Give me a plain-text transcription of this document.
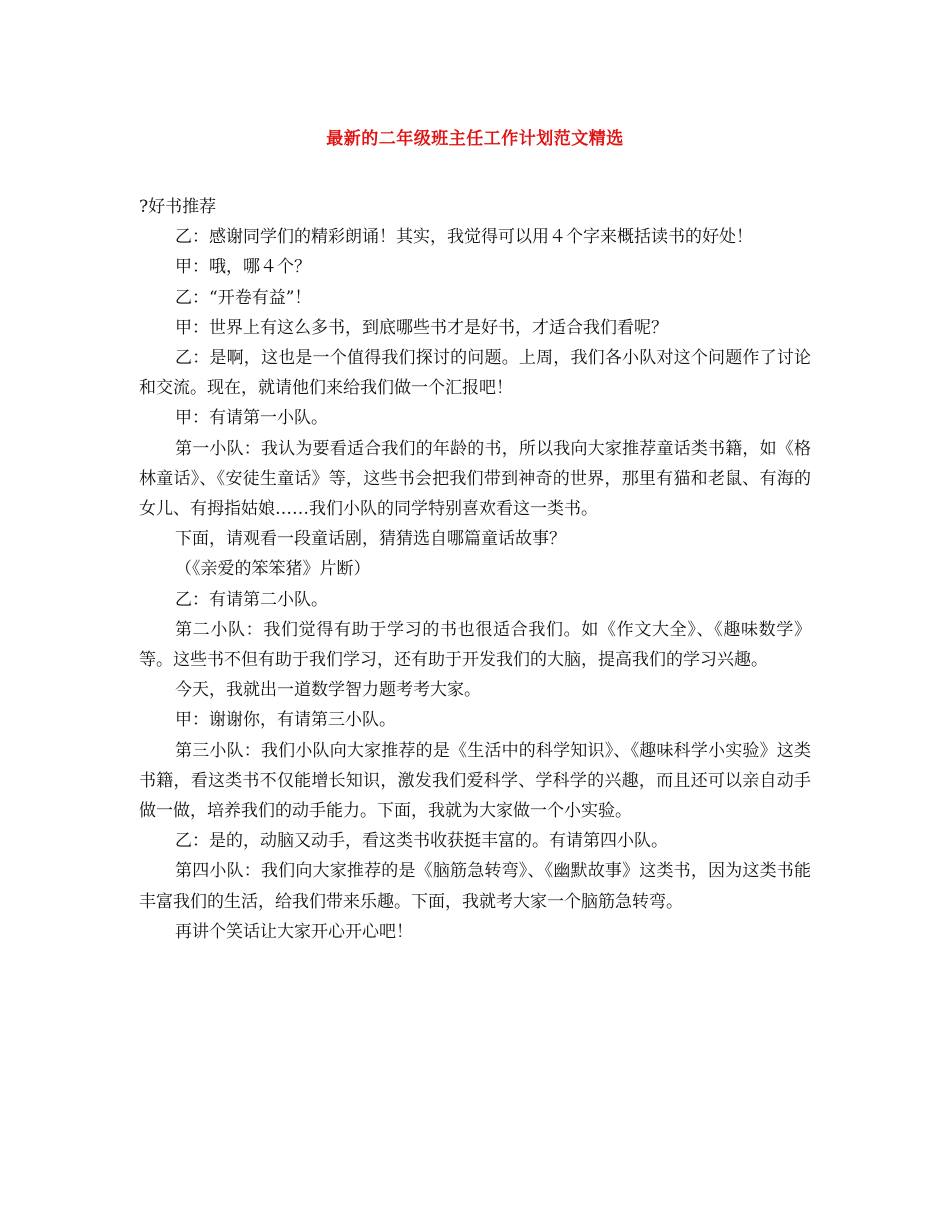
最新的二年级班主任工作计划范文精选

?好书推荐

乙：感谢同学们的精彩朗诵！其实，我觉得可以用４个字来概括读书的好处！

甲：哦，哪４个？

乙：“开卷有益”！

甲：世界上有这么多书，到底哪些书才是好书，才适合我们看呢？

乙：是啊，这也是一个值得我们探讨的问题。上周，我们各小队对这个问题作了讨论和交流。现在，就请他们来给我们做一个汇报吧！

甲：有请第一小队。

第一小队：我认为要看适合我们的年龄的书，所以我向大家推荐童话类书籍，如《格林童话》、《安徒生童话》等，这些书会把我们带到神奇的世界，那里有猫和老鼠、有海的女儿、有拇指姑娘……我们小队的同学特别喜欢看这一类书。

下面，请观看一段童话剧，猜猜选自哪篇童话故事？

（《亲爱的笨笨猪》片断）

乙：有请第二小队。

第二小队：我们觉得有助于学习的书也很适合我们。如《作文大全》、《趣味数学》等。这些书不但有助于我们学习，还有助于开发我们的大脑，提高我们的学习兴趣。

今天，我就出一道数学智力题考考大家。

甲：谢谢你，有请第三小队。

第三小队：我们小队向大家推荐的是《生活中的科学知识》、《趣味科学小实验》这类书籍，看这类书不仅能增长知识，激发我们爱科学、学科学的兴趣，而且还可以亲自动手做一做，培养我们的动手能力。下面，我就为大家做一个小实验。

乙：是的，动脑又动手，看这类书收获挺丰富的。有请第四小队。

第四小队：我们向大家推荐的是《脑筋急转弯》、《幽默故事》这类书，因为这类书能丰富我们的生活，给我们带来乐趣。下面，我就考大家一个脑筋急转弯。

再讲个笑话让大家开心开心吧！
